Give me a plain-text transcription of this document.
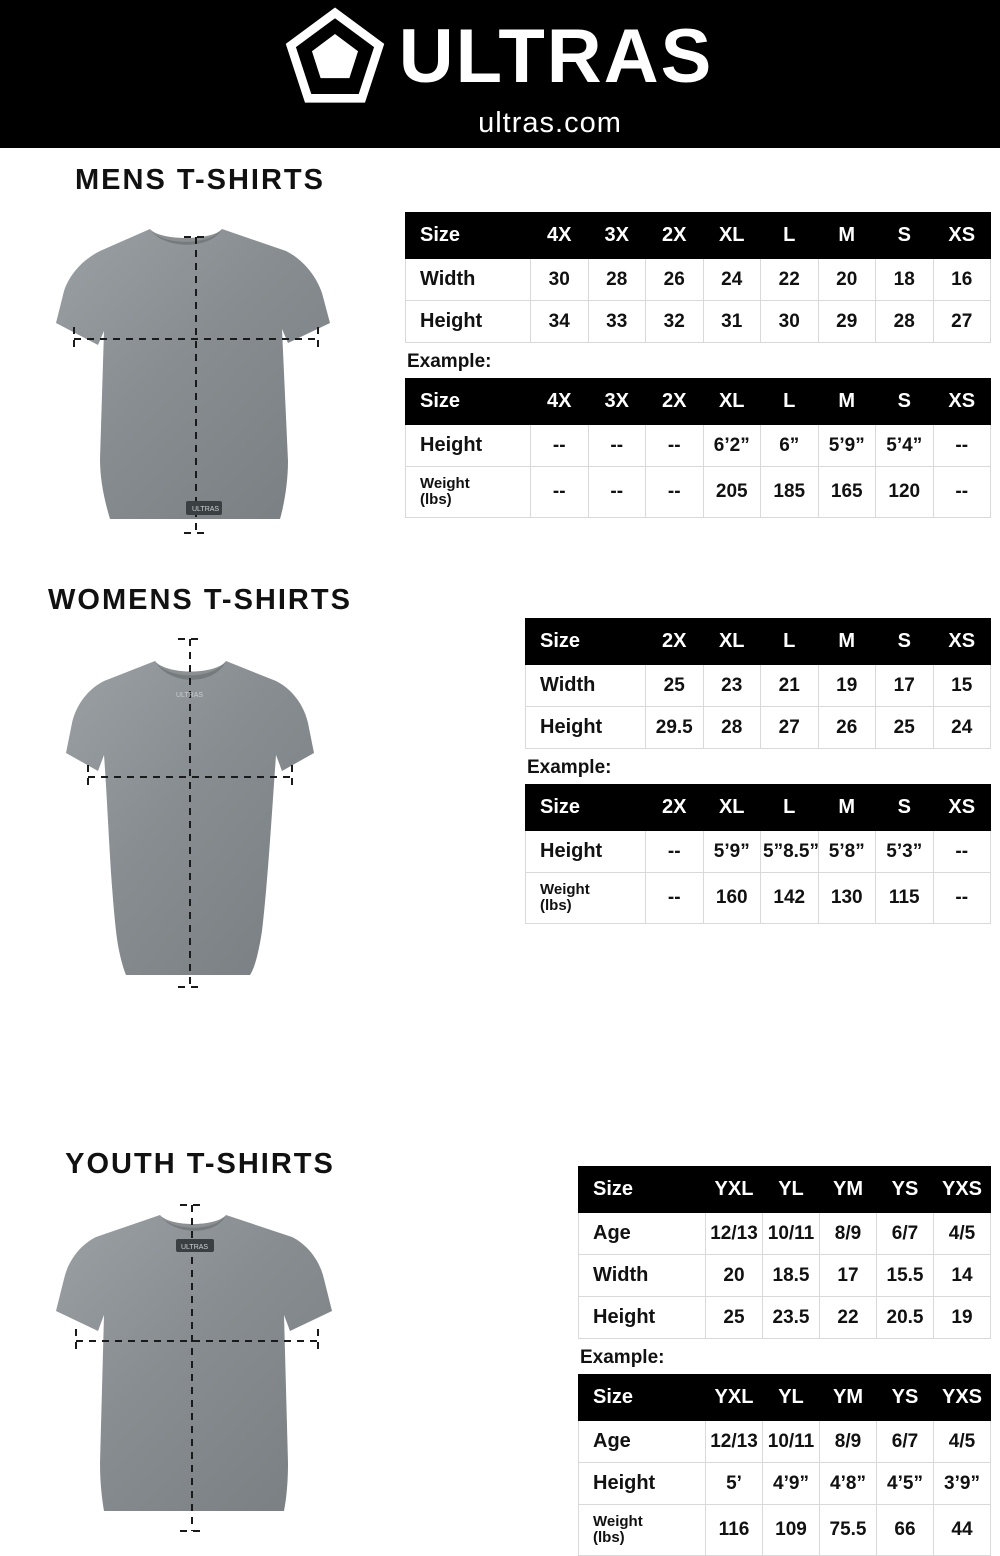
ULTRAS
ultras.com
MENS T-SHIRTS
ULTRAS
Size	4X	3X	2X	XL	L	M	S	XS
Width	30	28	26	24	22	20	18	16
Height	34	33	32	31	30	29	28	27
Example:
Size	4X	3X	2X	XL	L	M	S	XS
Height	--	--	--	6’2”	6”	5’9”	5’4”	--

Weight
(lbs)	--	--	--	205	185	165	120	--
WOMENS T-SHIRTS
ULTRAS
Size	2X	XL	L	M	S	XS
Width	25	23	21	19	17	15
Height	29.5	28	27	26	25	24
Example:
Size	2X	XL	L	M	S	XS
Height	--	5’9”	5”8.5”	5’8”	5’3”	--

Weight
(lbs)	--	160	142	130	115	--
YOUTH T-SHIRTS
ULTRAS
Size	YXL	YL	YM	YS	YXS
Age	12/13	10/11	8/9	6/7	4/5
Width	20	18.5	17	15.5	14
Height	25	23.5	22	20.5	19
Example:
Size	YXL	YL	YM	YS	YXS
Age	12/13	10/11	8/9	6/7	4/5
Height	5’	4’9”	4’8”	4’5”	3’9”

Weight
(lbs)	116	109	75.5	66	44
